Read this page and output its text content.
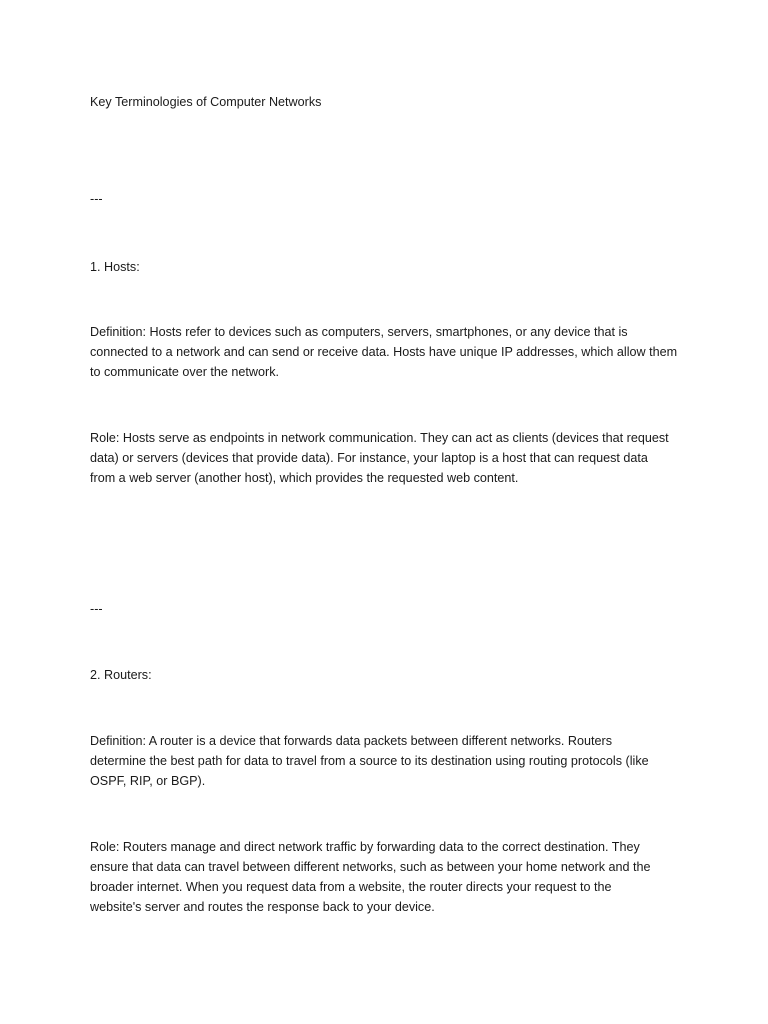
Key Terminologies of Computer Networks

---

1. Hosts:

Definition: Hosts refer to devices such as computers, servers, smartphones, or any device that is
connected to a network and can send or receive data. Hosts have unique IP addresses, which allow them
to communicate over the network.
Role: Hosts serve as endpoints in network communication. They can act as clients (devices that request
data) or servers (devices that provide data). For instance, your laptop is a host that can request data
from a web server (another host), which provides the requested web content.

---

2. Routers:

Definition: A router is a device that forwards data packets between different networks. Routers
determine the best path for data to travel from a source to its destination using routing protocols (like
OSPF, RIP, or BGP).
Role: Routers manage and direct network traffic by forwarding data to the correct destination. They
ensure that data can travel between different networks, such as between your home network and the
broader internet. When you request data from a website, the router directs your request to the
website's server and routes the response back to your device.
